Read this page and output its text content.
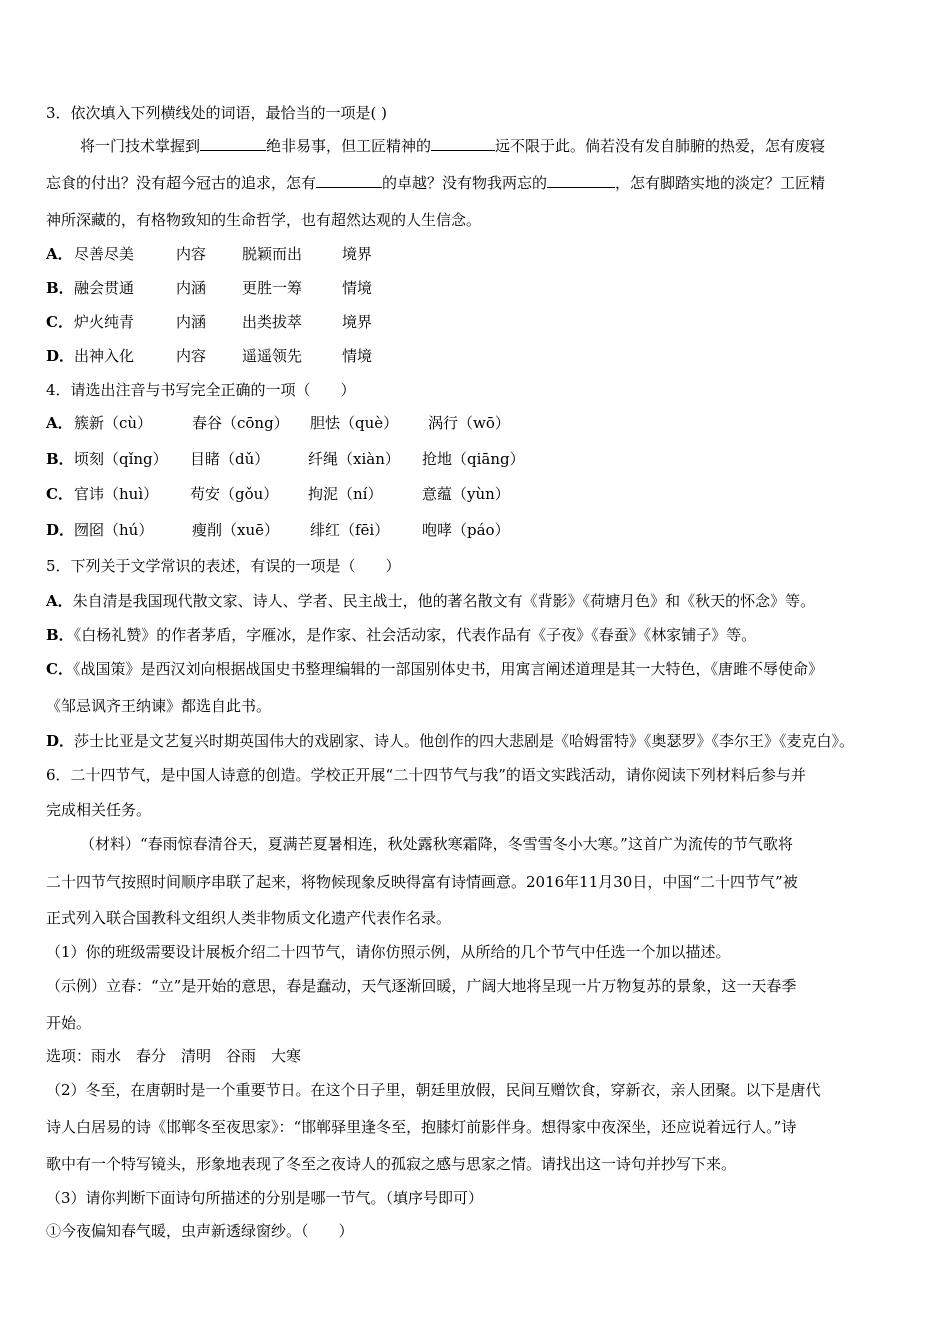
3．依次填入下列横线处的词语，最恰当的一项是( )
将一门技术掌握到	绝非易事，但工匠精神的	远不限于此。倘若没有发自肺腑的热爱，怎有废寝
忘食的付出？没有超今冠古的追求，怎有	的卓越？没有物我两忘的	，怎有脚踏实地的淡定？工匠精
神所深藏的，有格物致知的生命哲学，也有超然达观的人生信念。
A． 尽善尽美	内容 脱颖而出	境界
B． 融会贯通	内涵 更胜一筹	情境
C． 炉火纯青	内涵 出类拔萃	境界
D． 出神入化	内容 遥遥领先	情境
4．请选出注音与书写完全正确的一项（　　）
A． 簇新（cù）	春谷（cōng） 胆怯（què） 涡行（wō）
B． 顷刻（qǐng） 目睹（dǔ）	纤绳（xiàn） 抢地（qiāng）
C． 官讳（huì） 苟安（gǒu） 拘泥（ní）	意蕴（yùn）
D． 囫囵（hú）	瘦削（xuē） 绯红（fēi） 咆哮（páo）
5．下列关于文学常识的表述，有误的一项是（　　）
A．朱自清是我国现代散文家、诗人、学者、民主战士，他的著名散文有《背影》《荷塘月色》和《秋天的怀念》等。
B．《白杨礼赞》的作者茅盾，字雁冰，是作家、社会活动家，代表作品有《子夜》《春蚕》《林家铺子》等。
C．《战国策》是西汉刘向根据战国史书整理编辑的一部国别体史书，用寓言阐述道理是其一大特色，《唐雎不辱使命》
《邹忌讽齐王纳谏》都选自此书。
D．莎士比亚是文艺复兴时期英国伟大的戏剧家、诗人。他创作的四大悲剧是《哈姆雷特》《奥瑟罗》《李尔王》《麦克白》。
6．二十四节气，是中国人诗意的创造。学校正开展“二十四节气与我”的语文实践活动，请你阅读下列材料后参与并
完成相关任务。
（材料）“春雨惊春清谷天，夏满芒夏暑相连，秋处露秋寒霜降，冬雪雪冬小大寒。”这首广为流传的节气歌将
二十四节气按照时间顺序串联了起来，将物候现象反映得富有诗情画意。2016年11月30日，中国“二十四节气”被
正式列入联合国教科文组织人类非物质文化遗产代表作名录。
（1）你的班级需要设计展板介绍二十四节气，请你仿照示例，从所给的几个节气中任选一个加以描述。
（示例）立春：“立”是开始的意思，春是蠢动，天气逐渐回暖，广阔大地将呈现一片万物复苏的景象，这一天春季
开始。
选项：雨水　春分　清明　谷雨　大寒
（2）冬至，在唐朝时是一个重要节日。在这个日子里，朝廷里放假，民间互赠饮食，穿新衣，亲人团聚。以下是唐代
诗人白居易的诗《邯郸冬至夜思家》：“邯郸驿里逢冬至，抱膝灯前影伴身。想得家中夜深坐，还应说着远行人。”诗
歌中有一个特写镜头，形象地表现了冬至之夜诗人的孤寂之感与思家之情。请找出这一诗句并抄写下来。
（3）请你判断下面诗句所描述的分别是哪一节气。（填序号即可）
①今夜偏知春气暖，虫声新透绿窗纱。（　　）
